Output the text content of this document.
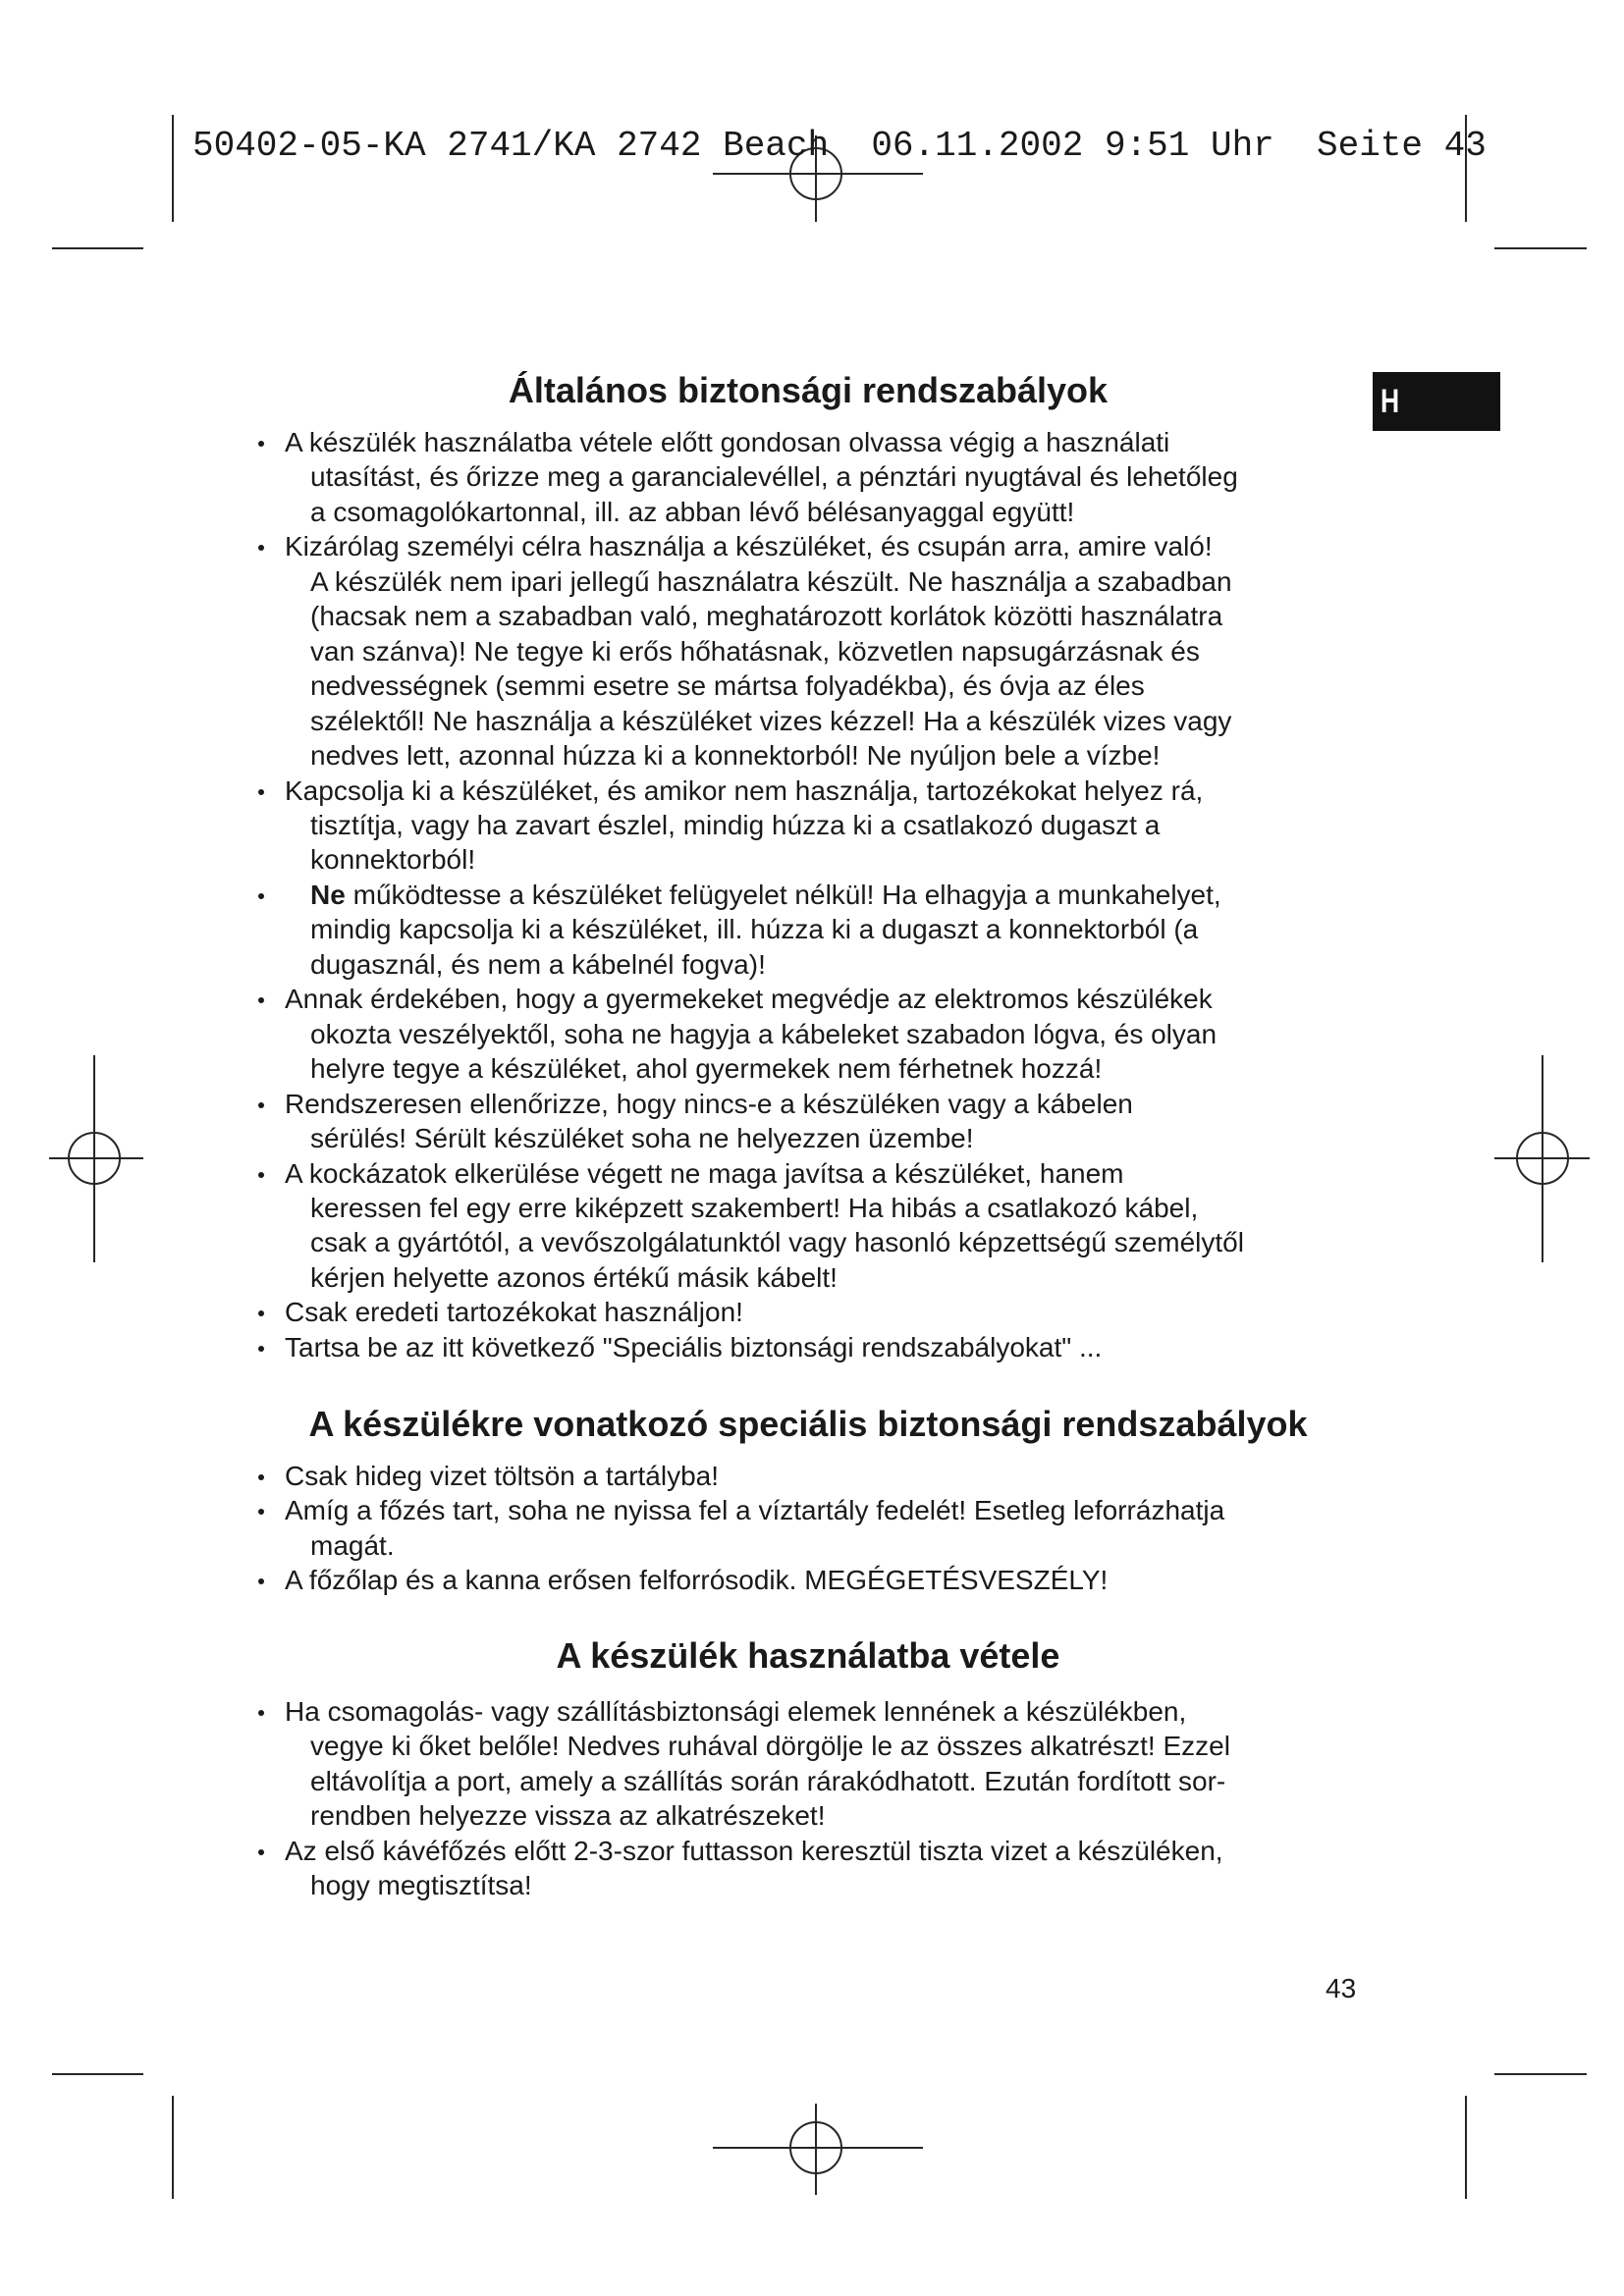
50402-05-KA 2741/KA 2742 Beach  06.11.2002 9:51 Uhr  Seite 43
H
Általános biztonsági rendszabályok
A készülék használatba vétele előtt gondosan olvassa végig a használati
utasítást, és őrizze meg a garancialevéllel, a pénztári nyugtával és lehetőleg
a csomagolókartonnal, ill. az abban lévő bélésanyaggal együtt!
Kizárólag személyi célra használja a készüléket, és csupán arra, amire való!
A készülék nem ipari jellegű használatra készült. Ne használja a szabadban
(hacsak nem a szabadban való, meghatározott korlátok közötti használatra
van szánva)! Ne tegye ki erős hőhatásnak, közvetlen napsugárzásnak és
nedvességnek (semmi esetre se mártsa folyadékba), és óvja az éles
szélektől! Ne használja a készüléket vizes kézzel! Ha a készülék vizes vagy
nedves lett, azonnal húzza ki a konnektorból! Ne nyúljon bele a vízbe!
Kapcsolja ki a készüléket, és amikor nem használja, tartozékokat helyez rá,
tisztítja, vagy ha zavart észlel, mindig húzza ki a csatlakozó dugaszt a
konnektorból!
Ne működtesse a készüléket felügyelet nélkül! Ha elhagyja a munkahelyet,
mindig kapcsolja ki a készüléket, ill. húzza ki a dugaszt a konnektorból (a
dugasznál, és nem a kábelnél fogva)!
Annak érdekében, hogy a gyermekeket megvédje az elektromos készülékek
okozta veszélyektől, soha ne hagyja a kábeleket szabadon lógva, és olyan
helyre tegye a készüléket, ahol gyermekek nem férhetnek hozzá!
Rendszeresen ellenőrizze, hogy nincs-e a készüléken vagy a kábelen
sérülés! Sérült készüléket soha ne helyezzen üzembe!
A kockázatok elkerülése végett ne maga javítsa a készüléket, hanem
keressen fel egy erre kiképzett szakembert! Ha hibás a csatlakozó kábel,
csak a gyártótól, a vevőszolgálatunktól vagy hasonló képzettségű személytől
kérjen helyette azonos értékű másik kábelt!
Csak eredeti tartozékokat használjon!
Tartsa be az itt következő "Speciális biztonsági rendszabályokat" ...
A készülékre vonatkozó speciális biztonsági rendszabályok
Csak hideg vizet töltsön a tartályba!
Amíg a főzés tart, soha ne nyissa fel a víztartály fedelét! Esetleg leforrázhatja
magát.
A főzőlap és a kanna erősen felforrósodik. MEGÉGETÉSVESZÉLY!
A készülék használatba vétele
Ha csomagolás- vagy szállításbiztonsági elemek lennének a készülékben,
vegye ki őket belőle! Nedves ruhával dörgölje le az összes alkatrészt! Ezzel
eltávolítja a port, amely a szállítás során rárakódhatott. Ezután fordított sor-
rendben helyezze vissza az alkatrészeket!
Az első kávéfőzés előtt 2-3-szor futtasson keresztül tiszta vizet a készüléken,
hogy megtisztítsa!
43
